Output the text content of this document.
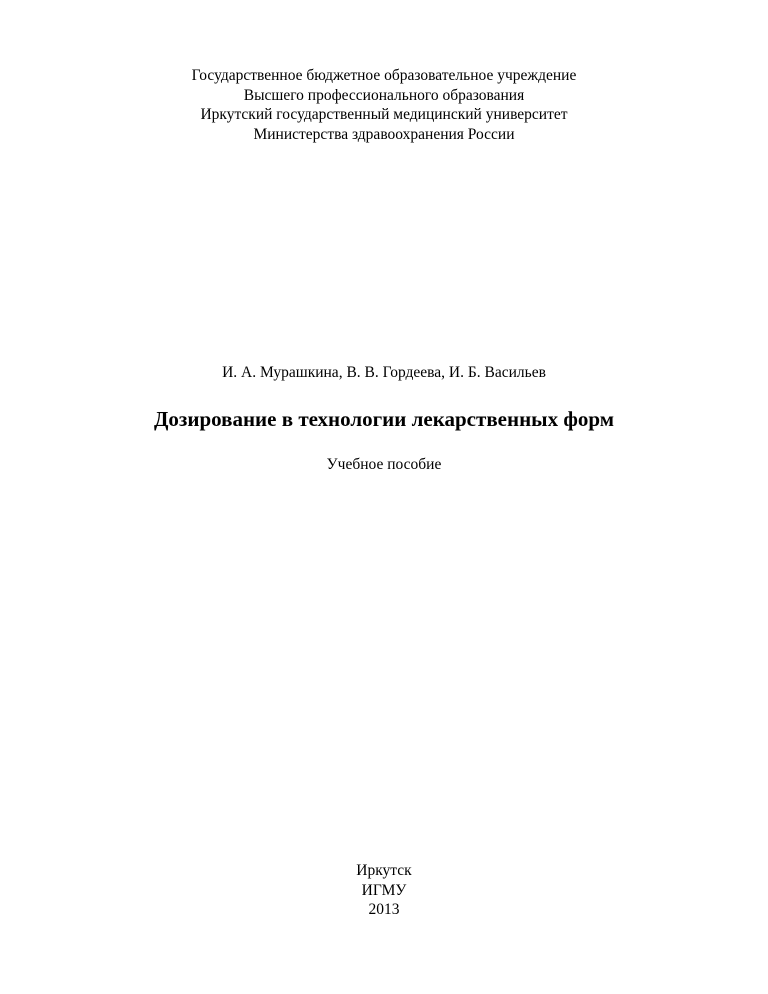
Государственное бюджетное образовательное учреждение
Высшего профессионального образования
Иркутский государственный медицинский университет
Министерства здравоохранения России
И. А. Мурашкина, В. В. Гордеева, И. Б. Васильев
Дозирование в технологии лекарственных форм
Учебное пособие
Иркутск
ИГМУ
2013
